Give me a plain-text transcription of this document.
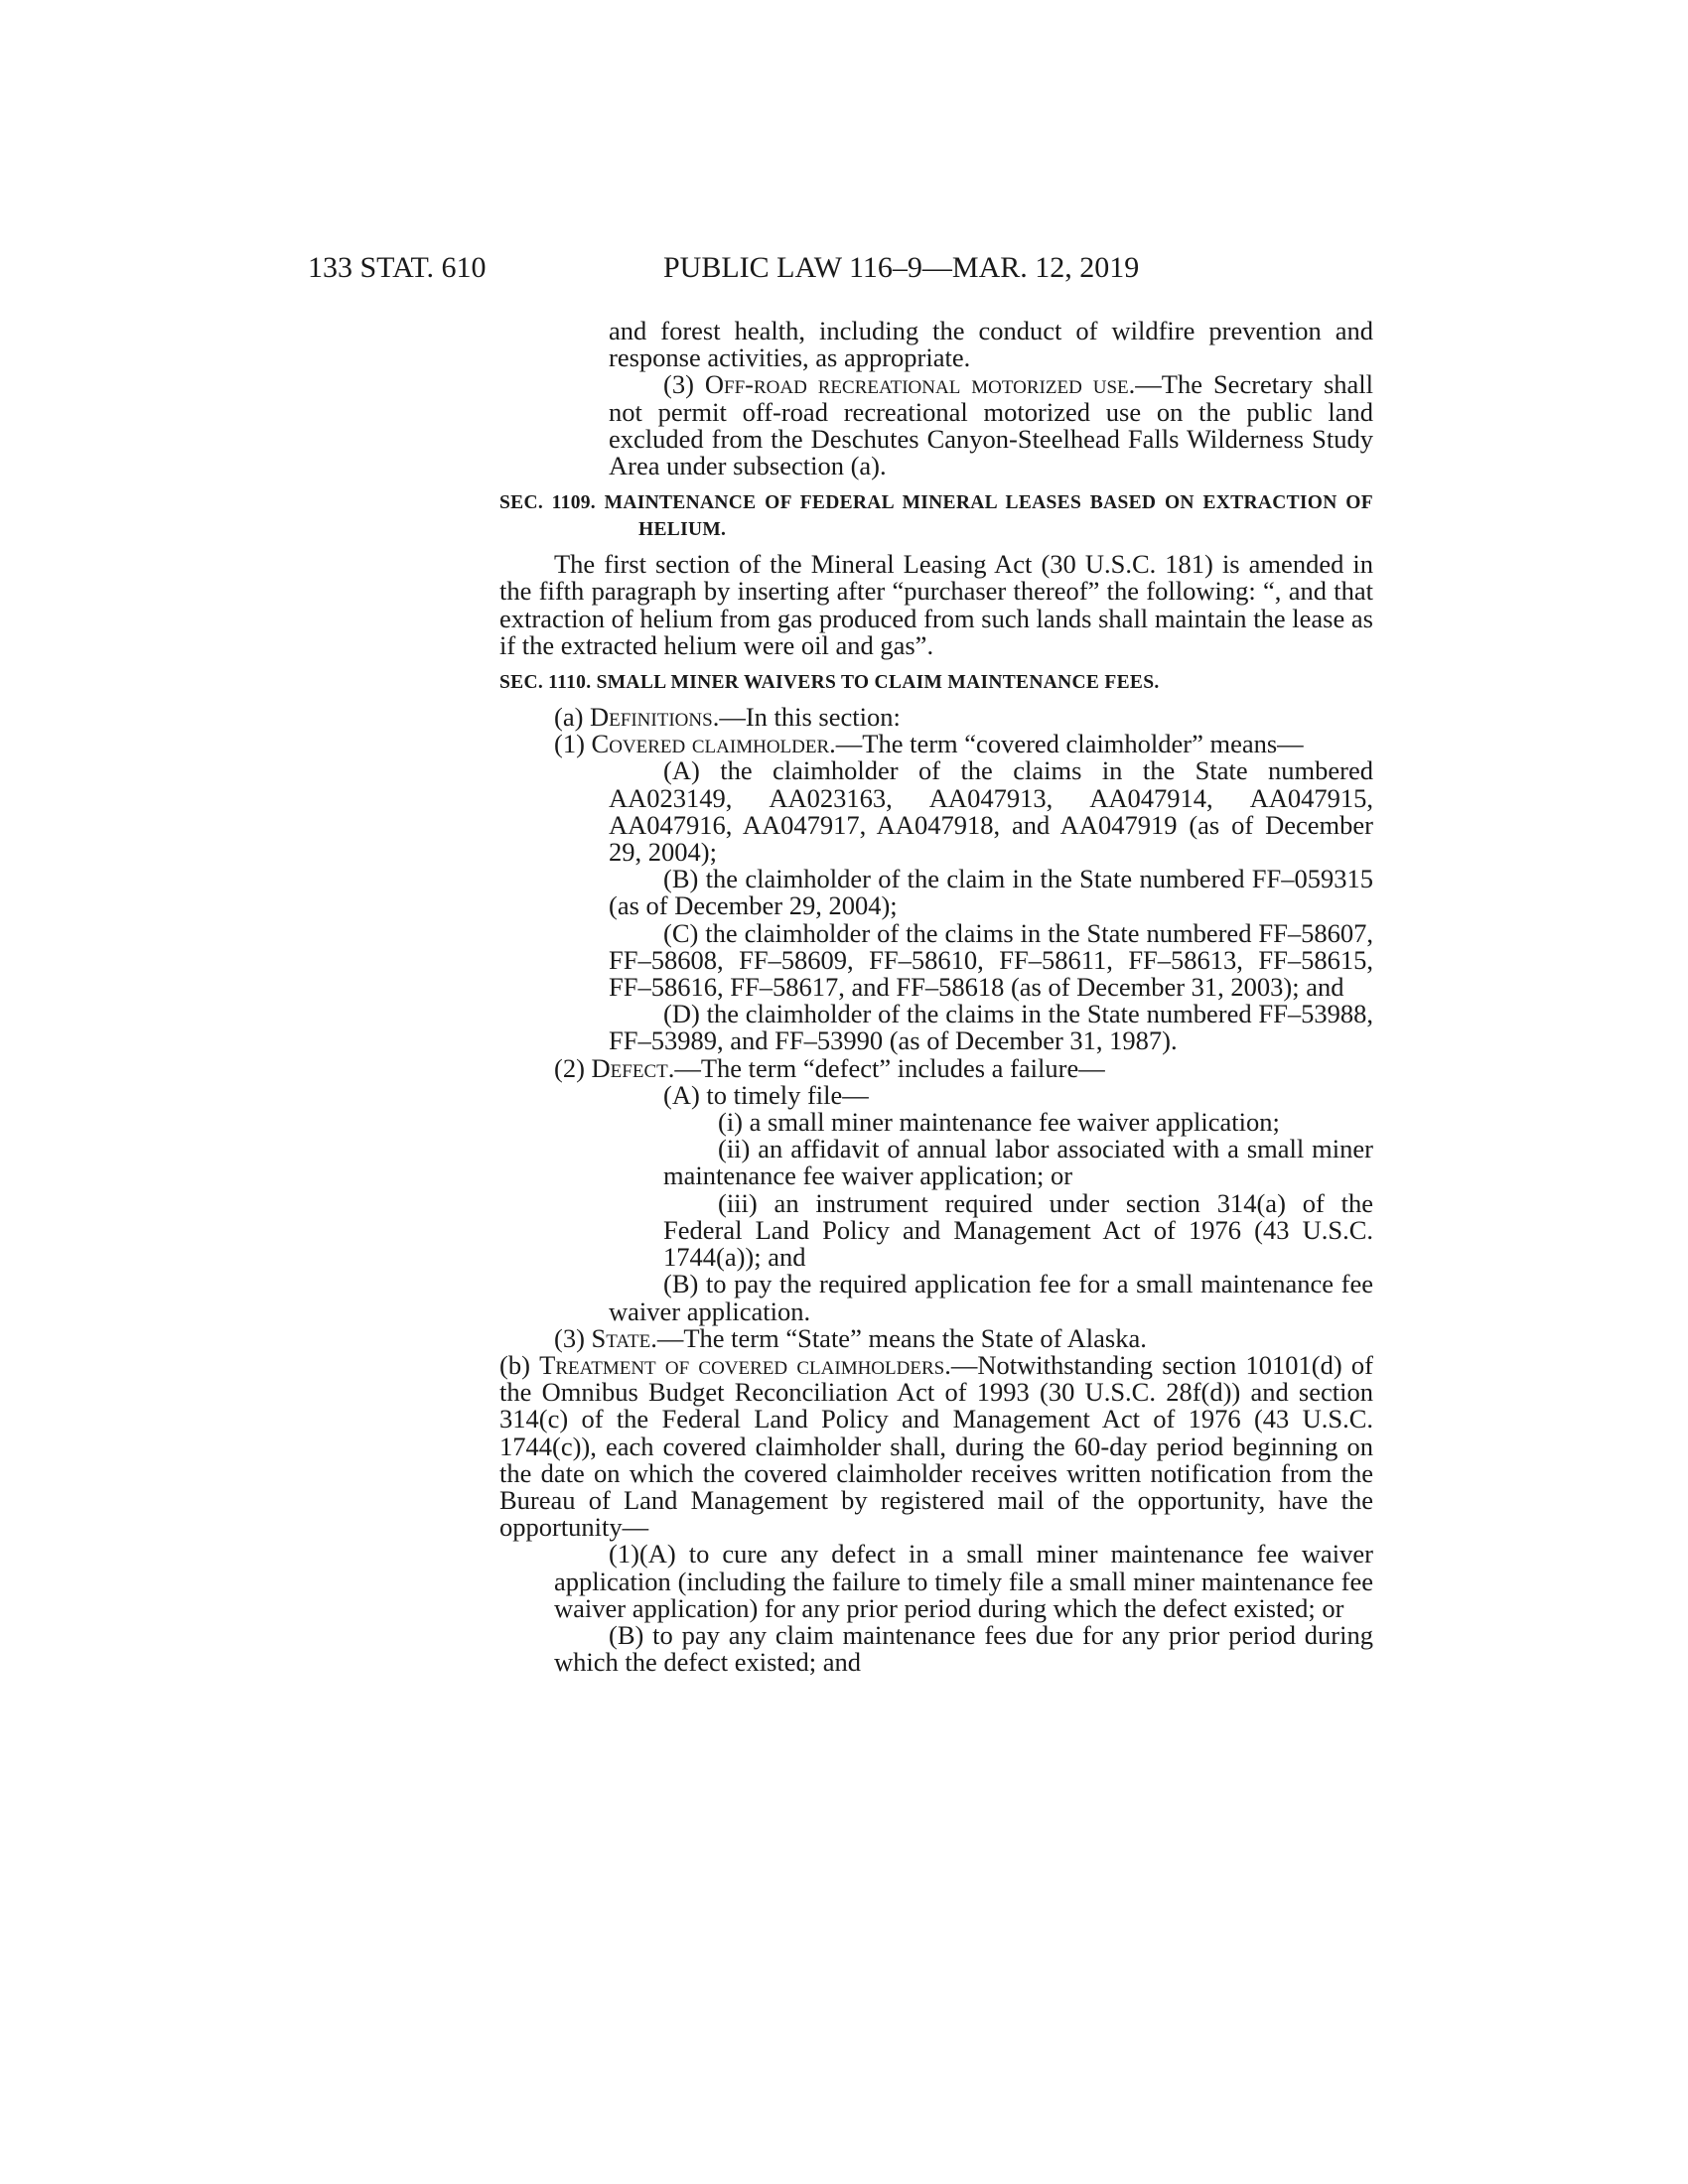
133 STAT. 610	PUBLIC LAW 116–9—MAR. 12, 2019

and forest health, including the conduct of wildfire prevention and response activities, as appropriate.

(3) Off-road recreational motorized use.—The Secretary shall not permit off-road recreational motorized use on the public land excluded from the Deschutes Canyon-Steelhead Falls Wilderness Study Area under subsection (a).

SEC. 1109. MAINTENANCE OF FEDERAL MINERAL LEASES BASED ON EXTRACTION OF HELIUM.

The first section of the Mineral Leasing Act (30 U.S.C. 181) is amended in the fifth paragraph by inserting after “purchaser thereof” the following: “, and that extraction of helium from gas produced from such lands shall maintain the lease as if the extracted helium were oil and gas”.

SEC. 1110. SMALL MINER WAIVERS TO CLAIM MAINTENANCE FEES.

(a) Definitions.—In this section:

(1) Covered claimholder.—The term “covered claimholder” means—

(A) the claimholder of the claims in the State numbered AA023149, AA023163, AA047913, AA047914, AA047915, AA047916, AA047917, AA047918, and AA047919 (as of December 29, 2004);

(B) the claimholder of the claim in the State numbered FF–059315 (as of December 29, 2004);

(C) the claimholder of the claims in the State numbered FF–58607, FF–58608, FF–58609, FF–58610, FF–58611, FF–58613, FF–58615, FF–58616, FF–58617, and FF–58618 (as of December 31, 2003); and

(D) the claimholder of the claims in the State numbered FF–53988, FF–53989, and FF–53990 (as of December 31, 1987).

(2) Defect.—The term “defect” includes a failure—

(A) to timely file—

(i) a small miner maintenance fee waiver application;

(ii) an affidavit of annual labor associated with a small miner maintenance fee waiver application; or

(iii) an instrument required under section 314(a) of the Federal Land Policy and Management Act of 1976 (43 U.S.C. 1744(a)); and

(B) to pay the required application fee for a small maintenance fee waiver application.

(3) State.—The term “State” means the State of Alaska.

(b) Treatment of covered claimholders.—Notwithstanding section 10101(d) of the Omnibus Budget Reconciliation Act of 1993 (30 U.S.C. 28f(d)) and section 314(c) of the Federal Land Policy and Management Act of 1976 (43 U.S.C. 1744(c)), each covered claimholder shall, during the 60-day period beginning on the date on which the covered claimholder receives written notification from the Bureau of Land Management by registered mail of the opportunity, have the opportunity—

(1)(A) to cure any defect in a small miner maintenance fee waiver application (including the failure to timely file a small miner maintenance fee waiver application) for any prior period during which the defect existed; or

(B) to pay any claim maintenance fees due for any prior period during which the defect existed; and
